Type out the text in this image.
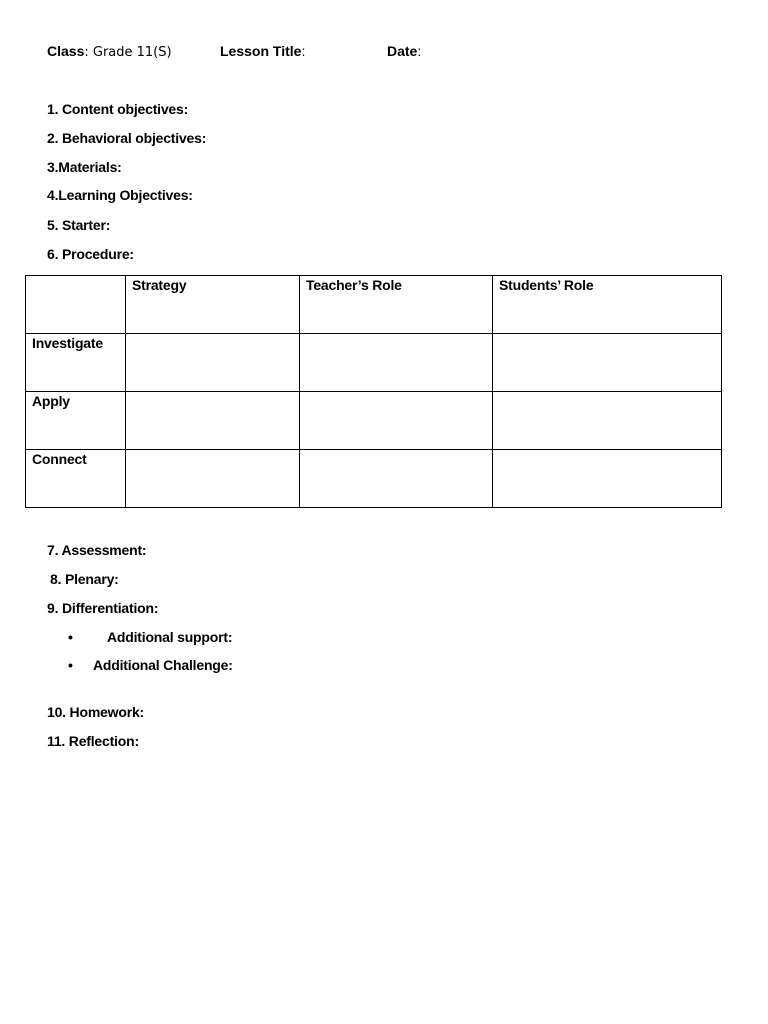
Class: Grade 11(S)	Lesson Title:	Date:
1. Content objectives:
2. Behavioral objectives:
3.Materials:
4.Learning Objectives:
5. Starter:
6. Procedure:
	Strategy	Teacher’s Role	Students’ Role
Investigate			
Apply			
Connect			
7. Assessment:
8. Plenary:
9. Differentiation:
• Additional support:
• Additional Challenge:
10. Homework:
11. Reflection:
